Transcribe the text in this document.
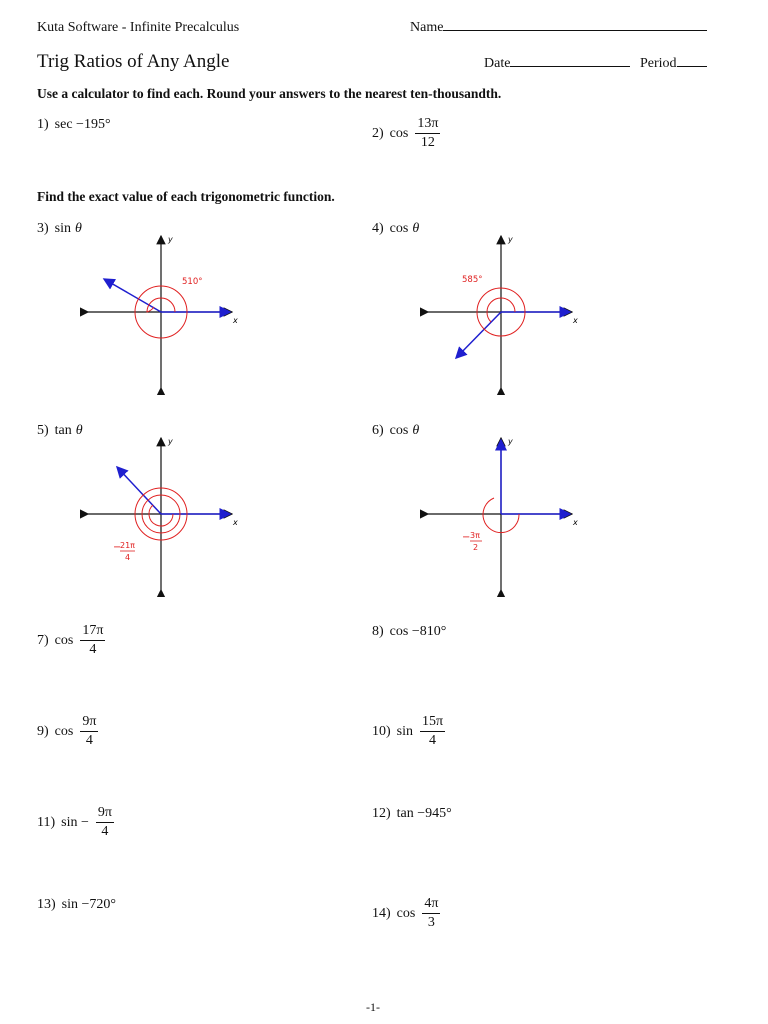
Kuta Software - Infinite Precalculus	Name
Trig Ratios of Any Angle	Date	Period
Use a calculator to find each. Round your answers to the nearest ten-thousandth.
Find the exact value of each trigonometric function.
1) sec −195°
2) $\cos \frac{13\pi}{12}$
3) sin θ	4) cos θ
x
y
510°
x
y
585°
5) tan θ	6) cos θ
x
y
−
21π
4
x
y
− 3π
2
7) $\cos \frac{17\pi}{4}$	8) cos −810°
9) $\cos \frac{9\pi}{4}$	10) $\sin \frac{15\pi}{4}$
11) $\sin - \frac{9\pi}{4}$	12) tan −945°
13) sin −720°
14) $\cos \frac{4\pi}{3}$
-1-
